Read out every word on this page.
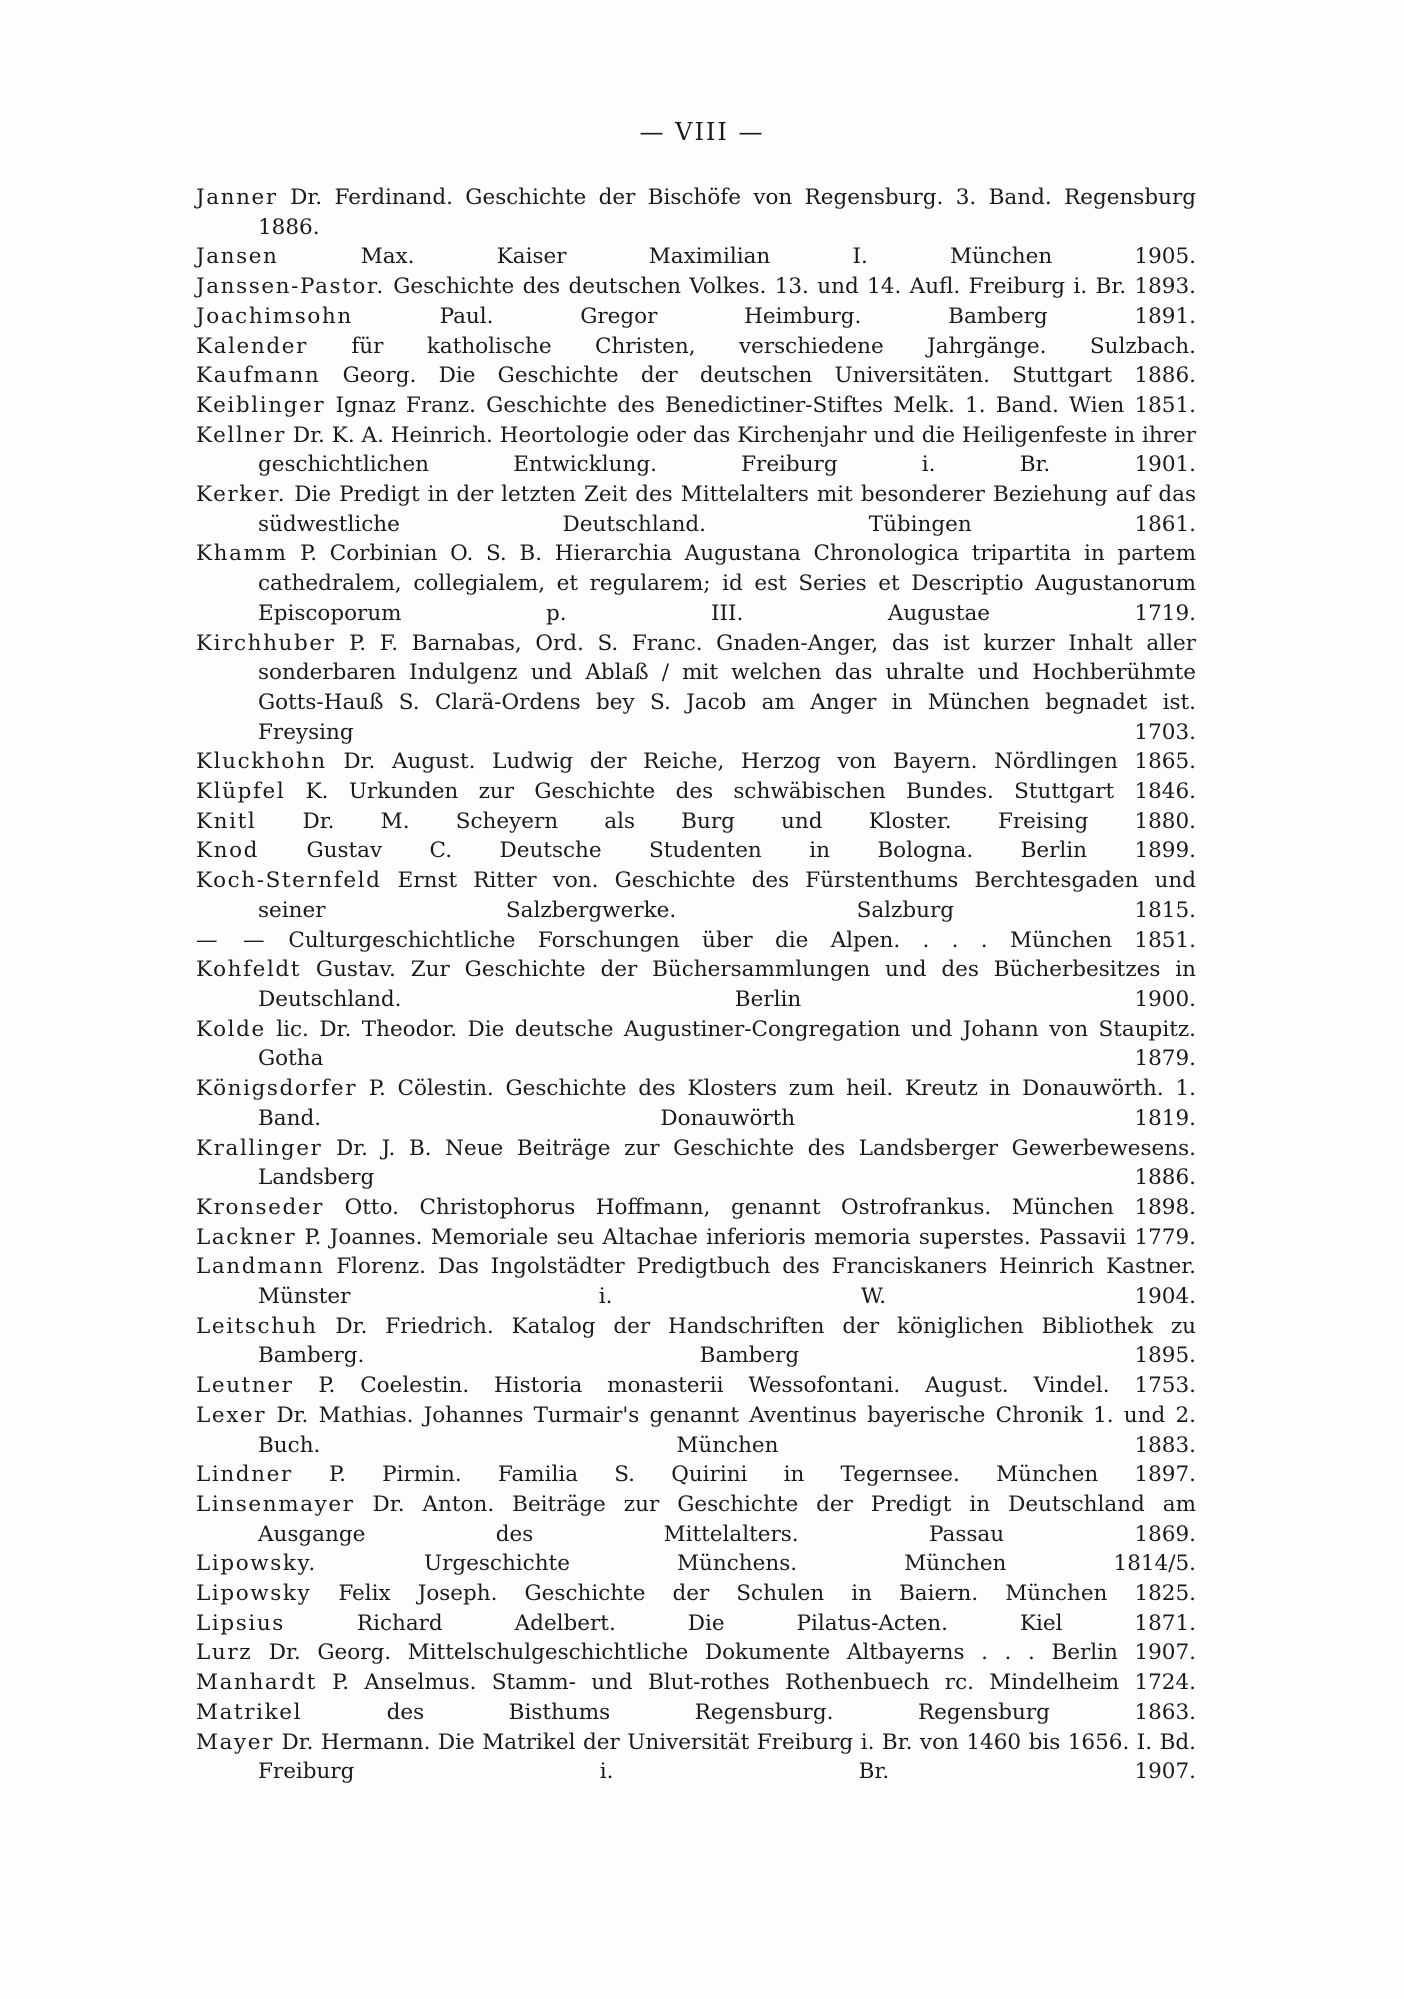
— VIII —
Janner Dr. Ferdinand. Geschichte der Bischöfe von Regensburg. 3. Band. Regensburg 1886.
Jansen Max. Kaiser Maximilian I. München 1905.
Janssen-Pastor. Geschichte des deutschen Volkes. 13. und 14. Aufl. Freiburg i. Br. 1893.
Joachimsohn Paul. Gregor Heimburg. Bamberg 1891.
Kalender für katholische Christen, verschiedene Jahrgänge. Sulzbach.
Kaufmann Georg. Die Geschichte der deutschen Universitäten. Stuttgart 1886.
Keiblinger Ignaz Franz. Geschichte des Benedictiner-Stiftes Melk. 1. Band. Wien 1851.
Kellner Dr. K. A. Heinrich. Heortologie oder das Kirchenjahr und die Heiligenfeste in ihrer geschichtlichen Entwicklung. Freiburg i. Br. 1901.
Kerker. Die Predigt in der letzten Zeit des Mittelalters mit besonderer Beziehung auf das südwestliche Deutschland. Tübingen 1861.
Khamm P. Corbinian O. S. B. Hierarchia Augustana Chronologica tripartita in partem cathedralem, collegialem, et regularem; id est Series et Descriptio Augustanorum Episcoporum p. III. Augustae 1719.
Kirchhuber P. F. Barnabas, Ord. S. Franc. Gnaden-Anger, das ist kurzer Inhalt aller sonderbaren Indulgenz und Ablaß / mit welchen das uhralte und Hochberühmte Gotts-Hauß S. Clarä-Ordens bey S. Jacob am Anger in München begnadet ist. Freysing 1703.
Kluckhohn Dr. August. Ludwig der Reiche, Herzog von Bayern. Nördlingen 1865.
Klüpfel K. Urkunden zur Geschichte des schwäbischen Bundes. Stuttgart 1846.
Knitl Dr. M. Scheyern als Burg und Kloster. Freising 1880.
Knod Gustav C. Deutsche Studenten in Bologna. Berlin 1899.
Koch-Sternfeld Ernst Ritter von. Geschichte des Fürstenthums Berchtesgaden und seiner Salzbergwerke. Salzburg 1815.
— — Culturgeschichtliche Forschungen über die Alpen. . . . München 1851.
Kohfeldt Gustav. Zur Geschichte der Büchersammlungen und des Bücherbesitzes in Deutschland. Berlin 1900.
Kolde lic. Dr. Theodor. Die deutsche Augustiner-Congregation und Johann von Staupitz. Gotha 1879.
Königsdorfer P. Cölestin. Geschichte des Klosters zum heil. Kreutz in Donauwörth. 1. Band. Donauwörth 1819.
Krallinger Dr. J. B. Neue Beiträge zur Geschichte des Landsberger Gewerbewesens. Landsberg 1886.
Kronseder Otto. Christophorus Hoffmann, genannt Ostrofrankus. München 1898.
Lackner P. Joannes. Memoriale seu Altachae inferioris memoria superstes. Passavii 1779.
Landmann Florenz. Das Ingolstädter Predigtbuch des Franciskaners Heinrich Kastner. Münster i. W. 1904.
Leitschuh Dr. Friedrich. Katalog der Handschriften der königlichen Bibliothek zu Bamberg. Bamberg 1895.
Leutner P. Coelestin. Historia monasterii Wessofontani. August. Vindel. 1753.
Lexer Dr. Mathias. Johannes Turmair's genannt Aventinus bayerische Chronik 1. und 2. Buch. München 1883.
Lindner P. Pirmin. Familia S. Quirini in Tegernsee. München 1897.
Linsenmayer Dr. Anton. Beiträge zur Geschichte der Predigt in Deutschland am Ausgange des Mittelalters. Passau 1869.
Lipowsky. Urgeschichte Münchens. München 1814/5.
Lipowsky Felix Joseph. Geschichte der Schulen in Baiern. München 1825.
Lipsius Richard Adelbert. Die Pilatus-Acten. Kiel 1871.
Lurz Dr. Georg. Mittelschulgeschichtliche Dokumente Altbayerns . . . Berlin 1907.
Manhardt P. Anselmus. Stamm- und Blut-rothes Rothenbuech rc. Mindelheim 1724.
Matrikel des Bisthums Regensburg. Regensburg 1863.
Mayer Dr. Hermann. Die Matrikel der Universität Freiburg i. Br. von 1460 bis 1656. I. Bd. Freiburg i. Br. 1907.
